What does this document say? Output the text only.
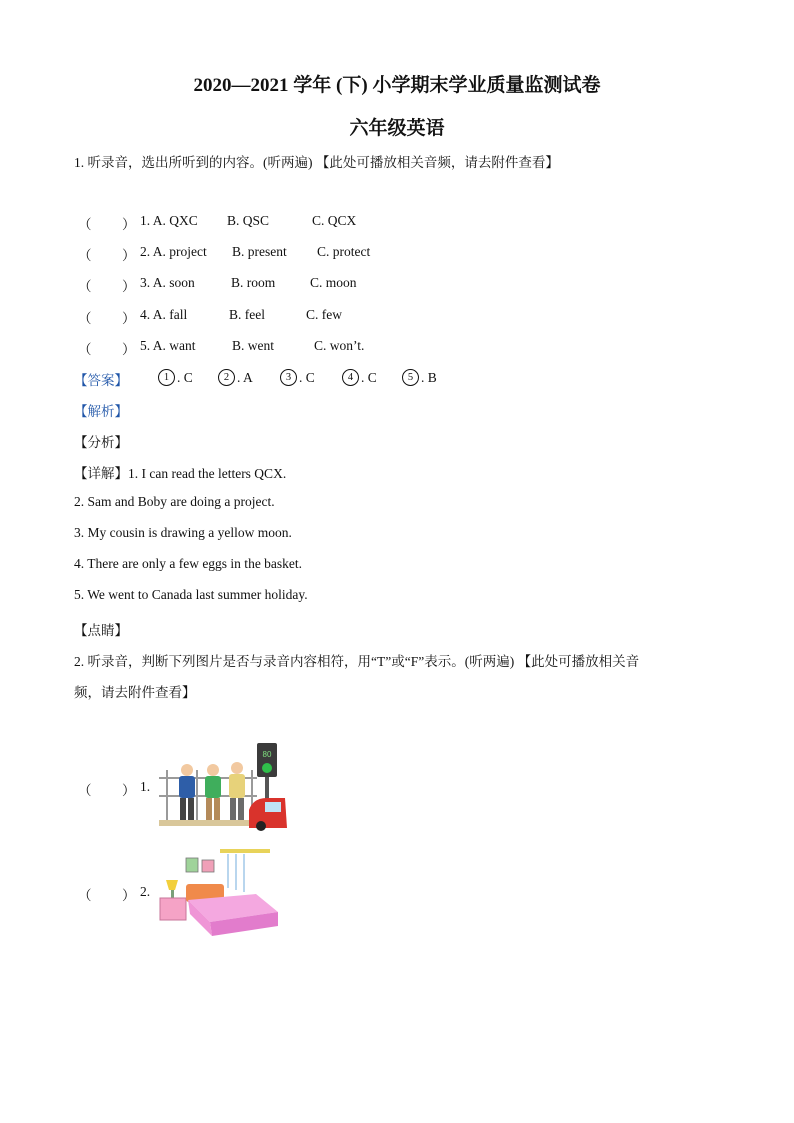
2020—2021 学年 (下) 小学期末学业质量监测试卷
六年级英语
1. 听录音，选出所听到的内容。(听两遍) 【此处可播放相关音频，请去附件查看】
（ ） 1. A. QXC B. QSC	C. QCX
（ ） 2. A. project B. present C. protect
（ ） 3. A. soon	B. room	C. moon
（ ） 4. A. fall	B. feel	C. few
（ ） 5. A. want	B. went	C. won’t.
【答案】	1 . C	2 . A	3 . C	4 . C	5 . B
【解析】
【分析】
【详解】1. I can read the letters QCX.
2. Sam and Boby are doing a project.
3. My cousin is drawing a yellow moon.
4. There are only a few eggs in the basket.
5. We went to Canada last summer holiday.
【点睛】
2. 听录音，判断下列图片是否与录音内容相符，用“T”或“F”表示。(听两遍) 【此处可播放相关音
频，请去附件查看】
（ ） 1.
80
（ ） 2.
